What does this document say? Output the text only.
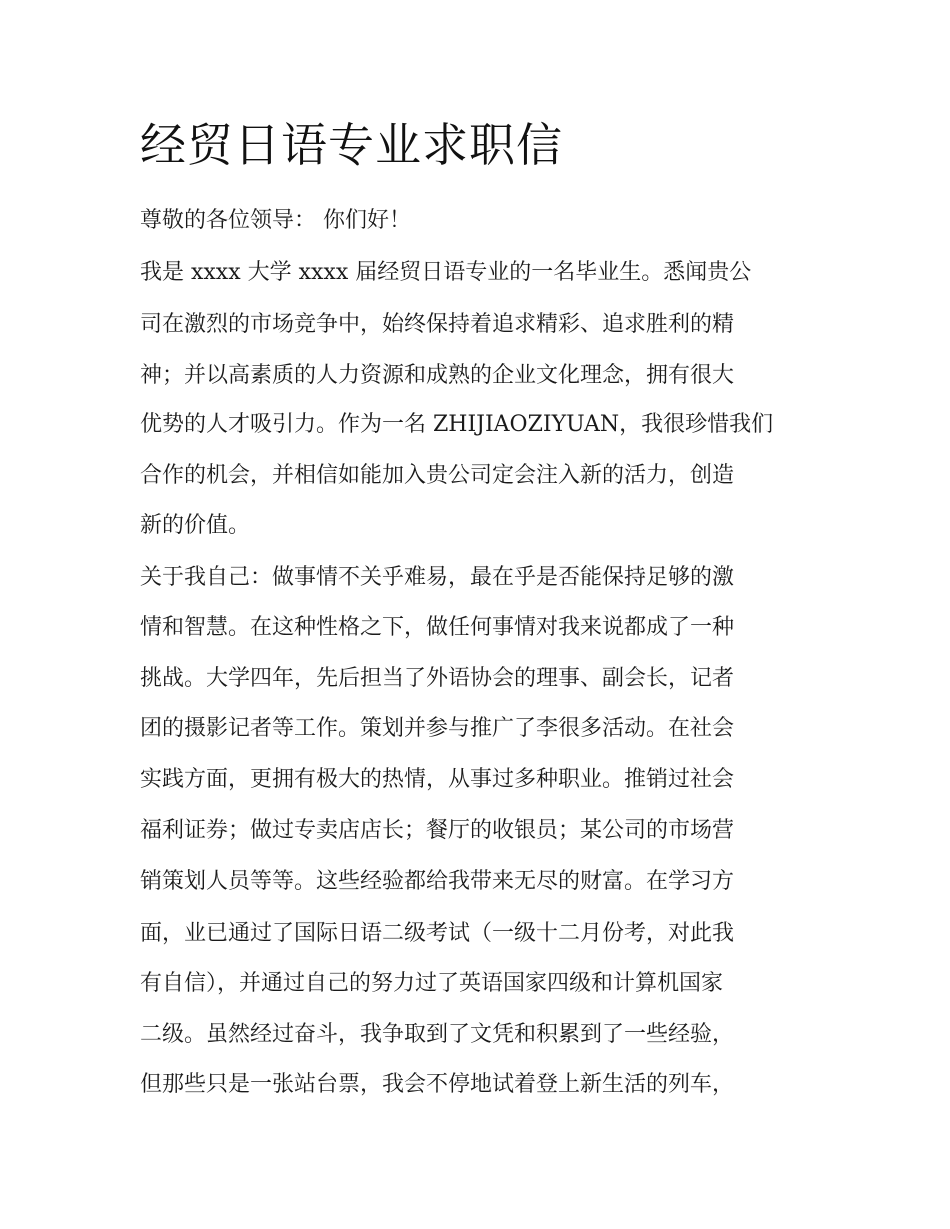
经贸日语专业求职信

尊敬的各位领导： 你们好！

我是 xxxx 大学 xxxx 届经贸日语专业的一名毕业生。悉闻贵公

司在激烈的市场竞争中，始终保持着追求精彩、追求胜利的精

神；并以高素质的人力资源和成熟的企业文化理念，拥有很大

优势的人才吸引力。作为一名 ZHIJIAOZIYUAN，我很珍惜我们

合作的机会，并相信如能加入贵公司定会注入新的活力，创造

新的价值。

关于我自己：做事情不关乎难易，最在乎是否能保持足够的激

情和智慧。在这种性格之下，做任何事情对我来说都成了一种

挑战。大学四年，先后担当了外语协会的理事、副会长，记者

团的摄影记者等工作。策划并参与推广了李很多活动。在社会

实践方面，更拥有极大的热情，从事过多种职业。推销过社会

福利证券；做过专卖店店长；餐厅的收银员；某公司的市场营

销策划人员等等。这些经验都给我带来无尽的财富。在学习方

面，业已通过了国际日语二级考试（一级十二月份考，对此我

有自信），并通过自己的努力过了英语国家四级和计算机国家

二级。虽然经过奋斗，我争取到了文凭和积累到了一些经验，

但那些只是一张站台票，我会不停地试着登上新生活的列车，
